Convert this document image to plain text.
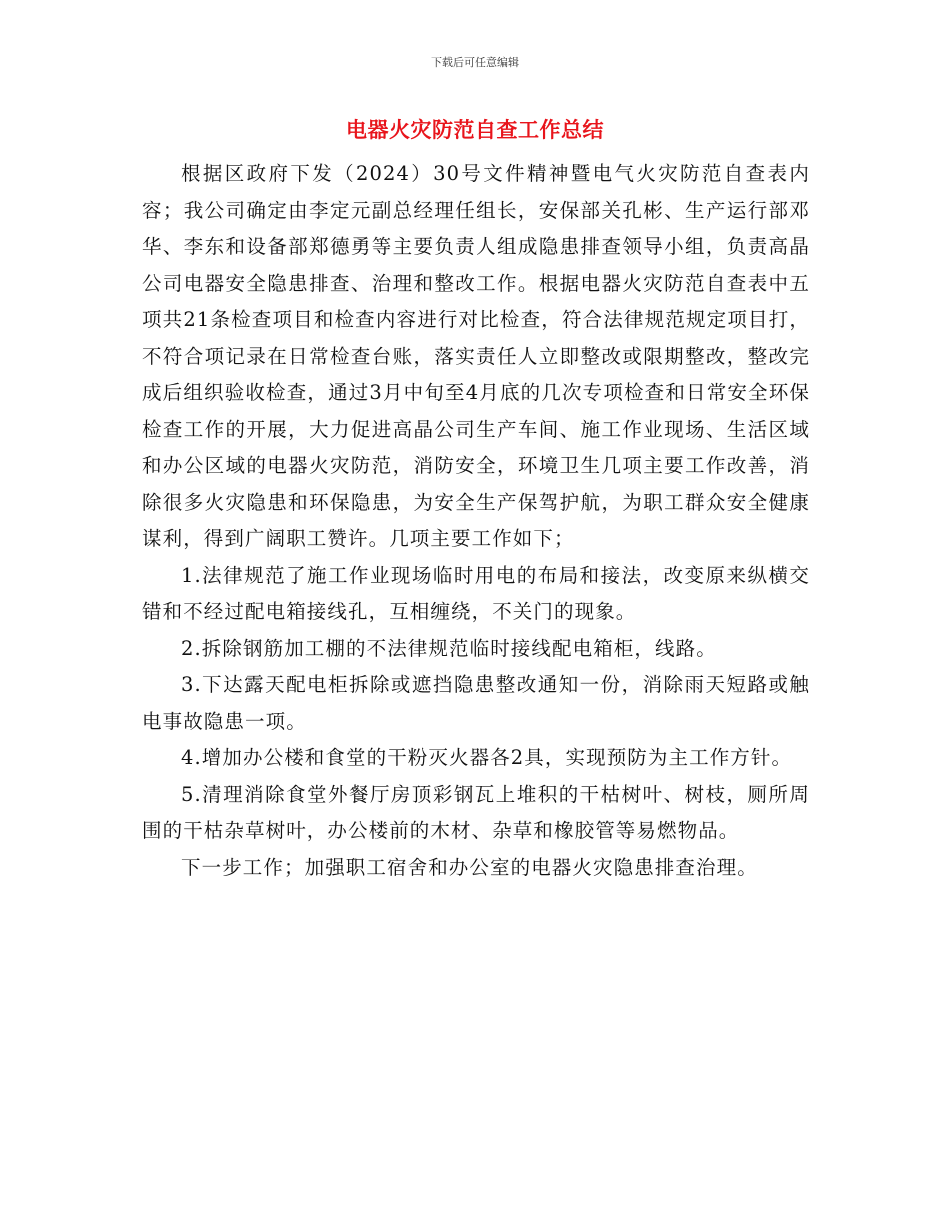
下载后可任意编辑
电器火灾防范自查工作总结

根据区政府下发（2024）30号文件精神暨电气火灾防范自查表内容；我公司确定由李定元副总经理任组长，安保部关孔彬、生产运行部邓华、李东和设备部郑德勇等主要负责人组成隐患排查领导小组，负责高晶公司电器安全隐患排查、治理和整改工作。根据电器火灾防范自查表中五项共21条检查项目和检查内容进行对比检查，符合法律规范规定项目打，不符合项记录在日常检查台账，落实责任人立即整改或限期整改，整改完成后组织验收检查，通过3月中旬至4月底的几次专项检查和日常安全环保检查工作的开展，大力促进高晶公司生产车间、施工作业现场、生活区域和办公区域的电器火灾防范，消防安全，环境卫生几项主要工作改善，消除很多火灾隐患和环保隐患，为安全生产保驾护航，为职工群众安全健康谋利，得到广阔职工赞许。几项主要工作如下；

1.法律规范了施工作业现场临时用电的布局和接法，改变原来纵横交错和不经过配电箱接线孔，互相缠绕，不关门的现象。

2.拆除钢筋加工棚的不法律规范临时接线配电箱柜，线路。

3.下达露天配电柜拆除或遮挡隐患整改通知一份，消除雨天短路或触电事故隐患一项。

4.增加办公楼和食堂的干粉灭火器各2具，实现预防为主工作方针。

5.清理消除食堂外餐厅房顶彩钢瓦上堆积的干枯树叶、树枝，厕所周围的干枯杂草树叶，办公楼前的木材、杂草和橡胶管等易燃物品。

下一步工作；加强职工宿舍和办公室的电器火灾隐患排查治理。
